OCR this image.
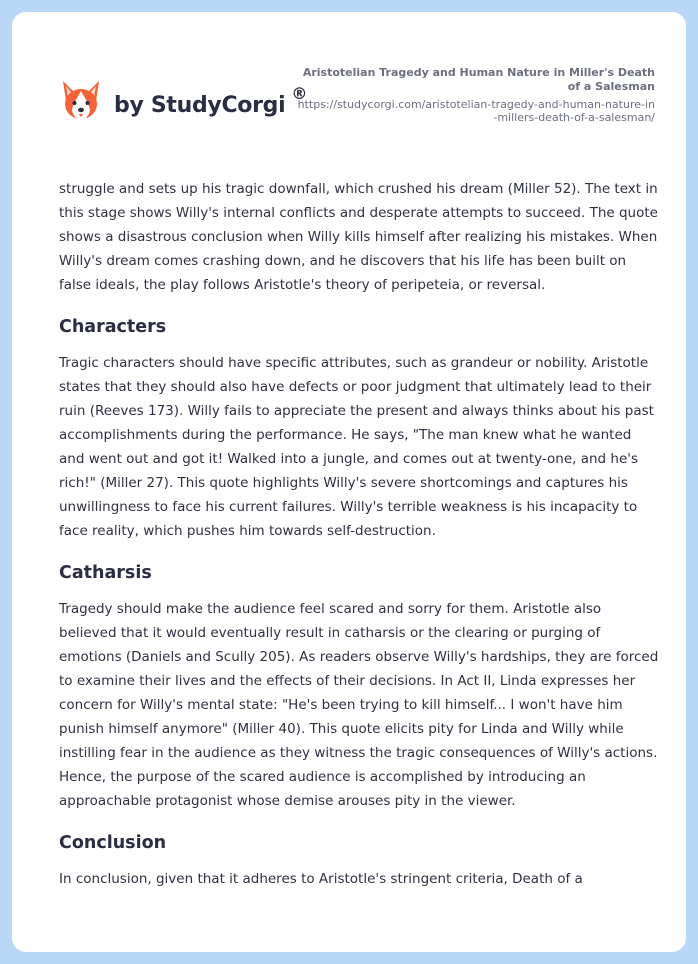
by StudyCorgi ®
Aristotelian Tragedy and Human Nature in Miller's Death of a Salesman
https://studycorgi.com/aristotelian-tragedy-and-human-nature-in-millers-death-of-a-salesman/

struggle and sets up his tragic downfall, which crushed his dream (Miller 52). The text in this stage shows Willy's internal conflicts and desperate attempts to succeed. The quote shows a disastrous conclusion when Willy kills himself after realizing his mistakes. When Willy's dream comes crashing down, and he discovers that his life has been built on false ideals, the play follows Aristotle's theory of peripeteia, or reversal.

Characters

Tragic characters should have specific attributes, such as grandeur or nobility. Aristotle states that they should also have defects or poor judgment that ultimately lead to their ruin (Reeves 173). Willy fails to appreciate the present and always thinks about his past accomplishments during the performance. He says, "The man knew what he wanted and went out and got it! Walked into a jungle, and comes out at twenty-one, and he's rich!" (Miller 27). This quote highlights Willy's severe shortcomings and captures his unwillingness to face his current failures. Willy's terrible weakness is his incapacity to face reality, which pushes him towards self-destruction.

Catharsis

Tragedy should make the audience feel scared and sorry for them. Aristotle also believed that it would eventually result in catharsis or the clearing or purging of emotions (Daniels and Scully 205). As readers observe Willy's hardships, they are forced to examine their lives and the effects of their decisions. In Act II, Linda expresses her concern for Willy's mental state: "He's been trying to kill himself... I won't have him punish himself anymore" (Miller 40). This quote elicits pity for Linda and Willy while instilling fear in the audience as they witness the tragic consequences of Willy's actions. Hence, the purpose of the scared audience is accomplished by introducing an approachable protagonist whose demise arouses pity in the viewer.

Conclusion

In conclusion, given that it adheres to Aristotle's stringent criteria, Death of a
